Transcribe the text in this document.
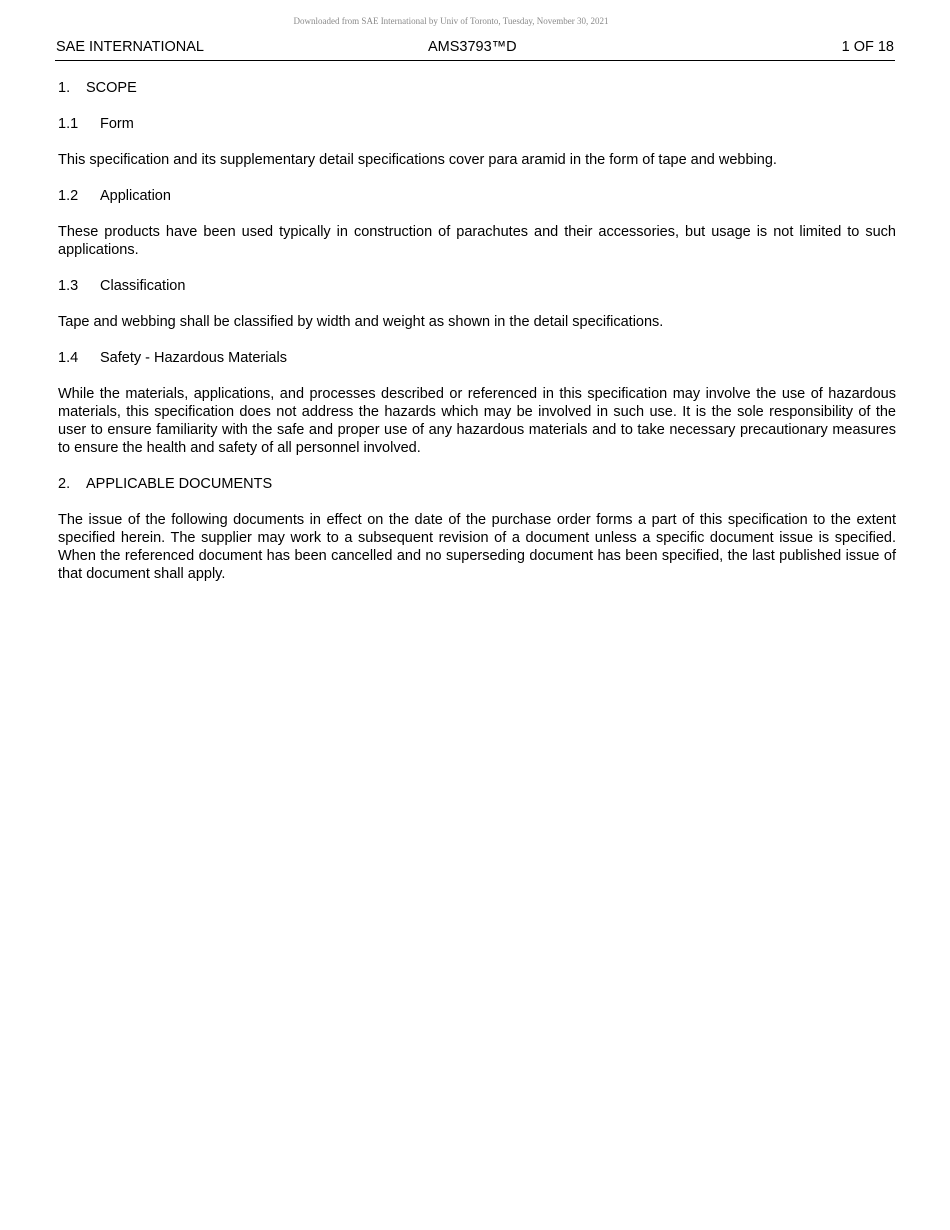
Downloaded from SAE International by Univ of Toronto, Tuesday, November 30, 2021
SAE INTERNATIONAL	AMS3793™D	1 OF 18
1. SCOPE
1.1 Form

This specification and its supplementary detail specifications cover para aramid in the form of tape and webbing.

1.2 Application

These products have been used typically in construction of parachutes and their accessories, but usage is not limited to such applications.

1.3 Classification

Tape and webbing shall be classified by width and weight as shown in the detail specifications.

1.4 Safety - Hazardous Materials

While the materials, applications, and processes described or referenced in this specification may involve the use of hazardous materials, this specification does not address the hazards which may be involved in such use. It is the sole responsibility of the user to ensure familiarity with the safe and proper use of any hazardous materials and to take necessary precautionary measures to ensure the health and safety of all personnel involved.

2. APPLICABLE DOCUMENTS

The issue of the following documents in effect on the date of the purchase order forms a part of this specification to the extent specified herein. The supplier may work to a subsequent revision of a document unless a specific document issue is specified. When the referenced document has been cancelled and no superseding document has been specified, the last published issue of that document shall apply.
